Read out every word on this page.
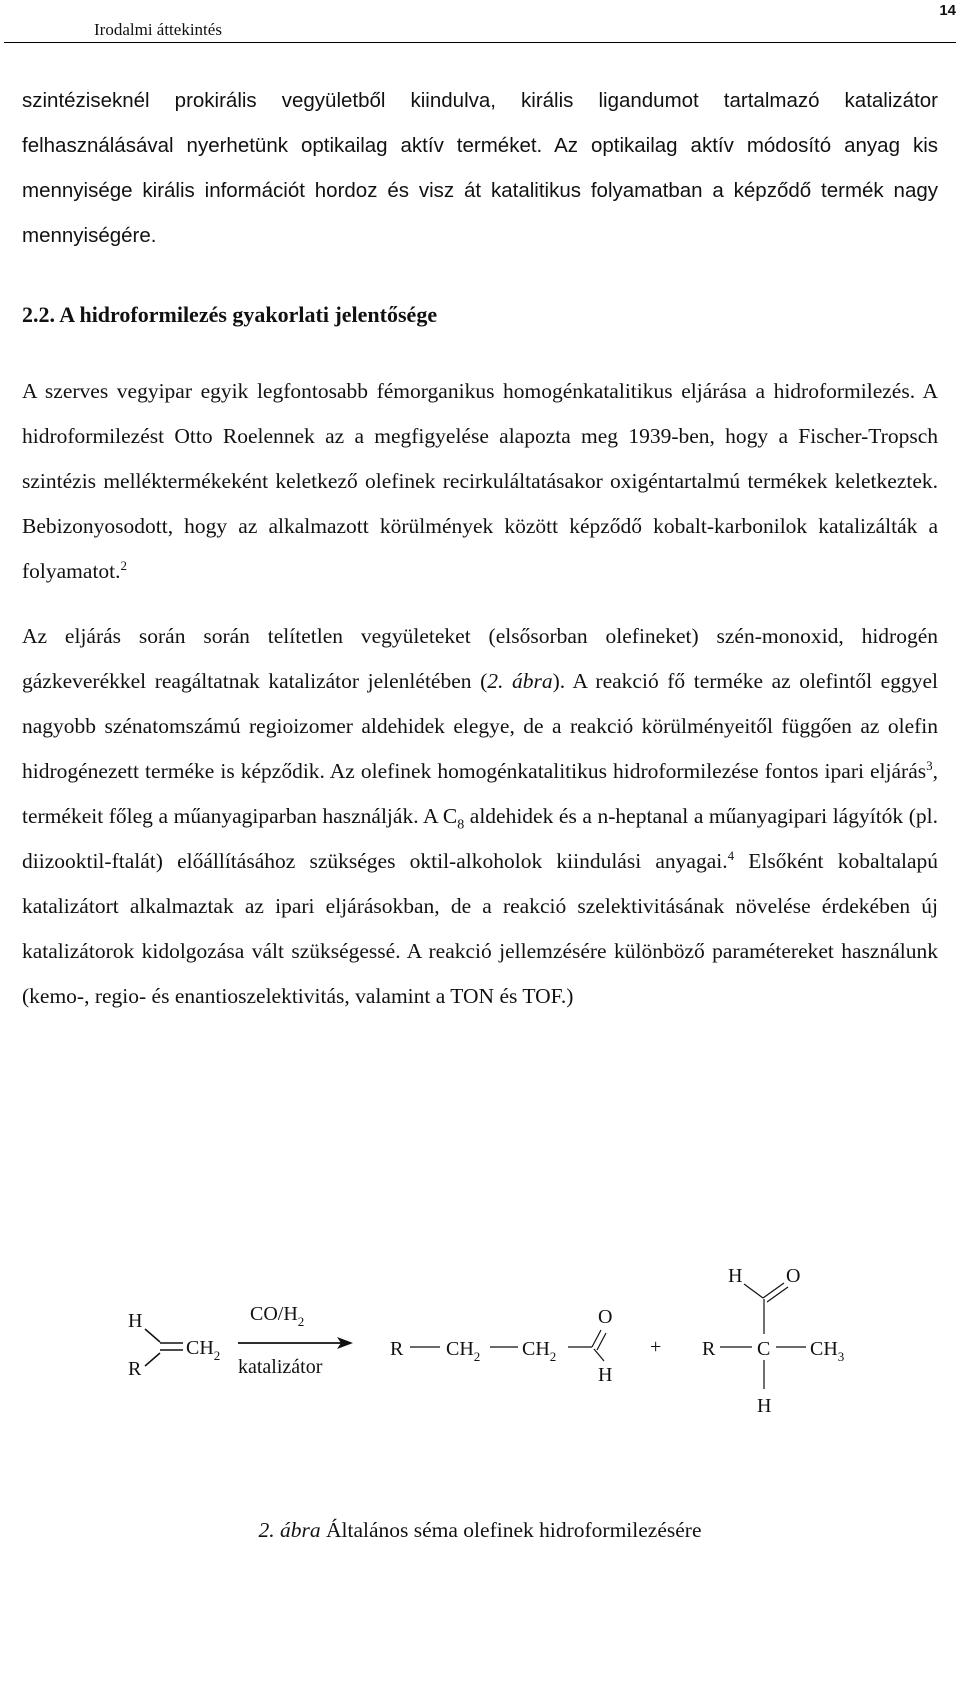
Irodalmi áttekintés
14

szintéziseknél prokirális vegyületből kiindulva, királis ligandumot tartalmazó katalizátor felhasználásával nyerhetünk optikailag aktív terméket. Az optikailag aktív módosító anyag kis mennyisége királis információt hordoz és visz át katalitikus folyamatban a képződő termék nagy mennyiségére.

2.2. A hidroformilezés gyakorlati jelentősége

A szerves vegyipar egyik legfontosabb fémorganikus homogénkatalitikus eljárása a hidroformilezés. A hidroformilezést Otto Roelennek az a megfigyelése alapozta meg 1939-ben, hogy a Fischer-Tropsch szintézis melléktermékeként keletkező olefinek recirkuláltatásakor oxigéntartalmú termékek keletkeztek. Bebizonyosodott, hogy az alkalmazott körülmények között képződő kobalt-karbonilok katalizálták a folyamatot.$^2$

Az eljárás során során telítetlen vegyületeket (elsősorban olefineket) szén-monoxid, hidrogén gázkeverékkel reagáltatnak katalizátor jelenlétében (2. ábra). A reakció fő terméke az olefintől eggyel nagyobb szénatomszámú regioizomer aldehidek elegye, de a reakció körülményeitől függően az olefin hidrogénezett terméke is képződik. Az olefinek homogénkatalitikus hidroformilezése fontos ipari eljárás$^3$, termékeit főleg a műanyagiparban használják. A $C_8$ aldehidek és a n-heptanal a műanyagipari lágyítók (pl. diizooktil-ftalát) előállításához szükséges oktil-alkoholok kiindulási anyagai.$^4$ Elsőként kobaltalapú katalizátort alkalmaztak az ipari eljárásokban, de a reakció szelektivitásának növelése érdekében új katalizátorok kidolgozása vált szükségessé. A reakció jellemzésére különböző paramétereket használunk (kemo-, regio- és enantioszelektivitás, valamint a TON és TOF.)

H
R
$CH_2$
$CO/H_2$
katalizátor
R $CH_2$ $CH_2$
O
H
+
H O
R C $CH_3$
H
2. ábra Általános séma olefinek hidroformilezésére
